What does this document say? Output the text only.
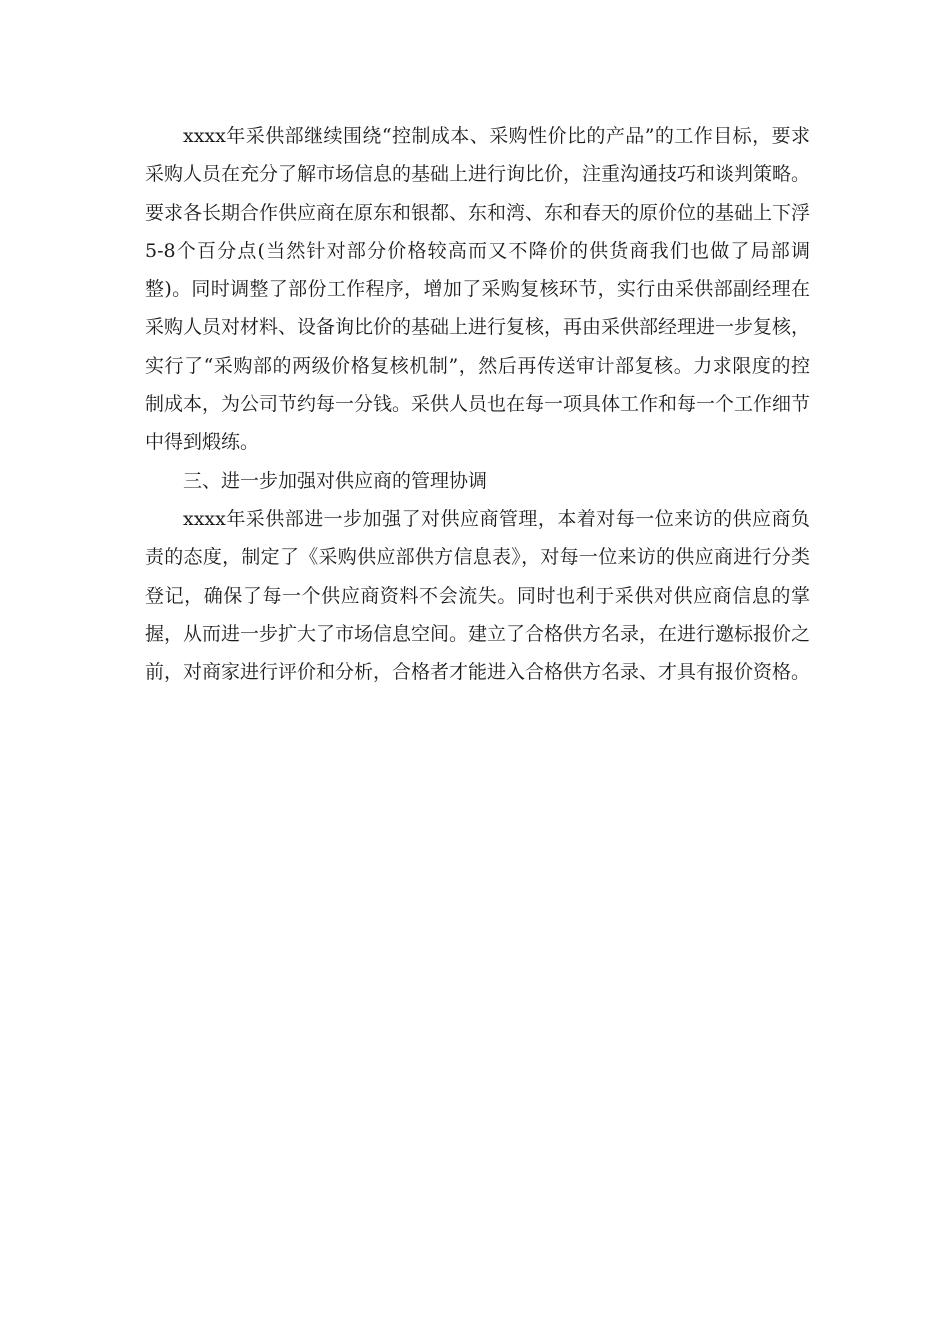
xxxx年采供部继续围绕“控制成本、采购性价比的产品”的工作目标，要求采购人员在充分了解市场信息的基础上进行询比价，注重沟通技巧和谈判策略。要求各长期合作供应商在原东和银都、东和湾、东和春天的原价位的基础上下浮5-8个百分点(当然针对部分价格较高而又不降价的供货商我们也做了局部调整)。同时调整了部份工作程序，增加了采购复核环节，实行由采供部副经理在采购人员对材料、设备询比价的基础上进行复核，再由采供部经理进一步复核，实行了“采购部的两级价格复核机制”，然后再传送审计部复核。力求限度的控制成本，为公司节约每一分钱。采供人员也在每一项具体工作和每一个工作细节中得到煅练。

三、进一步加强对供应商的管理协调

xxxx年采供部进一步加强了对供应商管理，本着对每一位来访的供应商负责的态度，制定了《采购供应部供方信息表》，对每一位来访的供应商进行分类登记，确保了每一个供应商资料不会流失。同时也利于采供对供应商信息的掌握，从而进一步扩大了市场信息空间。建立了合格供方名录，在进行邀标报价之前，对商家进行评价和分析，合格者才能进入合格供方名录、才具有报价资格。
